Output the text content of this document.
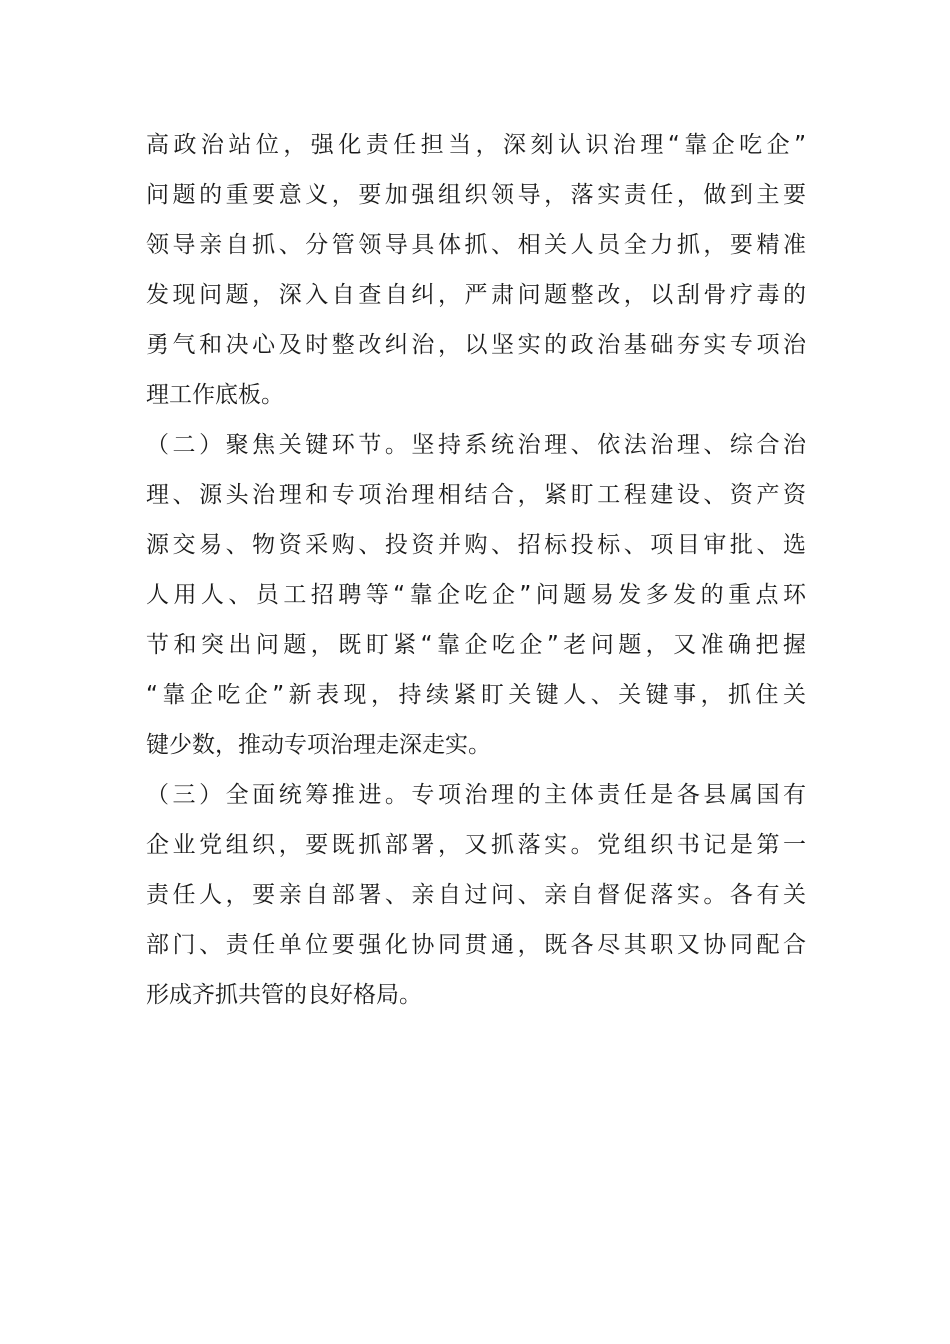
高政治站位，强化责任担当，深刻认识治理“靠企吃企”
问题的重要意义，要加强组织领导，落实责任，做到主要
领导亲自抓、分管领导具体抓、相关人员全力抓，要精准
发现问题，深入自查自纠，严肃问题整改，以刮骨疗毒的
勇气和决心及时整改纠治，以坚实的政治基础夯实专项治
理工作底板。
（二）聚焦关键环节。坚持系统治理、依法治理、综合治
理、源头治理和专项治理相结合，紧盯工程建设、资产资
源交易、物资采购、投资并购、招标投标、项目审批、选
人用人、员工招聘等“靠企吃企”问题易发多发的重点环
节和突出问题，既盯紧“靠企吃企”老问题，又准确把握
“靠企吃企”新表现，持续紧盯关键人、关键事，抓住关
键少数，推动专项治理走深走实。
（三）全面统筹推进。专项治理的主体责任是各县属国有
企业党组织，要既抓部署，又抓落实。党组织书记是第一
责任人，要亲自部署、亲自过问、亲自督促落实。各有关
部门、责任单位要强化协同贯通，既各尽其职又协同配合
形成齐抓共管的良好格局。
